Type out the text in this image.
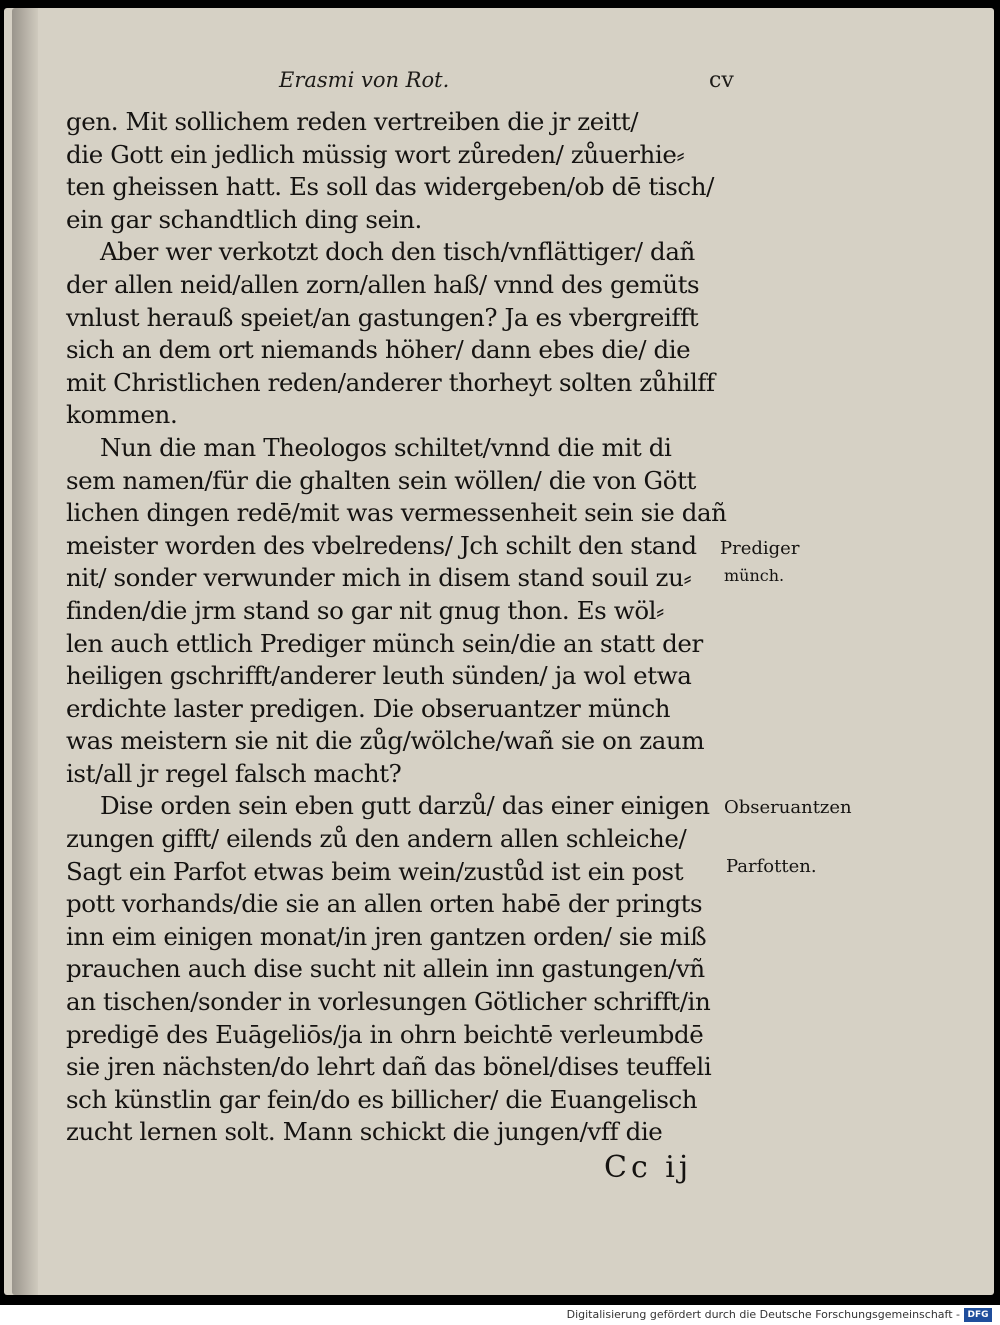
Erasmi von Rot.	cv
gen. Mit sollichem reden vertreiben die jr zeitt/
die Gott ein jedlich müssig wort zůreden/ zůuerhie⸗
ten gheissen hatt. Es soll das widergeben/ob dē tisch/
ein gar schandtlich ding sein.
Aber wer verkotzt doch den tisch/vnflättiger/ dañ
der allen neid/allen zorn/allen haß/ vnnd des gemüts
vnlust herauß speiet/an gastungen? Ja es vbergreifft
sich an dem ort niemands höher/ dann ebes die/ die
mit Christlichen reden/anderer thorheyt solten zůhilff
kommen.
Nun die man Theologos schiltet/vnnd die mit di
sem namen/für die ghalten sein wöllen/ die von Gött
lichen dingen redē/mit was vermessenheit sein sie dañ
meister worden des vbelredens/ Jch schilt den stand
nit/ sonder verwunder mich in disem stand souil zu⸗
finden/die jrm stand so gar nit gnug thon. Es wöl⸗
len auch ettlich Prediger münch sein/die an statt der
heiligen gschrifft/anderer leuth sünden/ ja wol etwa
erdichte laster predigen. Die obseruantzer münch
was meistern sie nit die zůg/wölche/wañ sie on zaum
ist/all jr regel falsch macht?
Dise orden sein eben gutt darzů/ das einer einigen
zungen gifft/ eilends zů den andern allen schleiche/
Sagt ein Parfot etwas beim wein/zustůd ist ein post
pott vorhands/die sie an allen orten habē der pringts
inn eim einigen monat/in jren gantzen orden/ sie miß
prauchen auch dise sucht nit allein inn gastungen/vñ
an tischen/sonder in vorlesungen Götlicher schrifft/in
predigē des Euāgeliōs/ja in ohrn beichtē verleumbdē
sie jren nächsten/do lehrt dañ das bönel/dises teuffeli
sch künstlin gar fein/do es billicher/ die Euangelisch
zucht lernen solt. Mann schickt die jungen/vff die
Prediger
münch.
Obseruantzen
Parfotten.
Cc ij
Digitalisierung gefördert durch die Deutsche Forschungsgemeinschaft - DFG
